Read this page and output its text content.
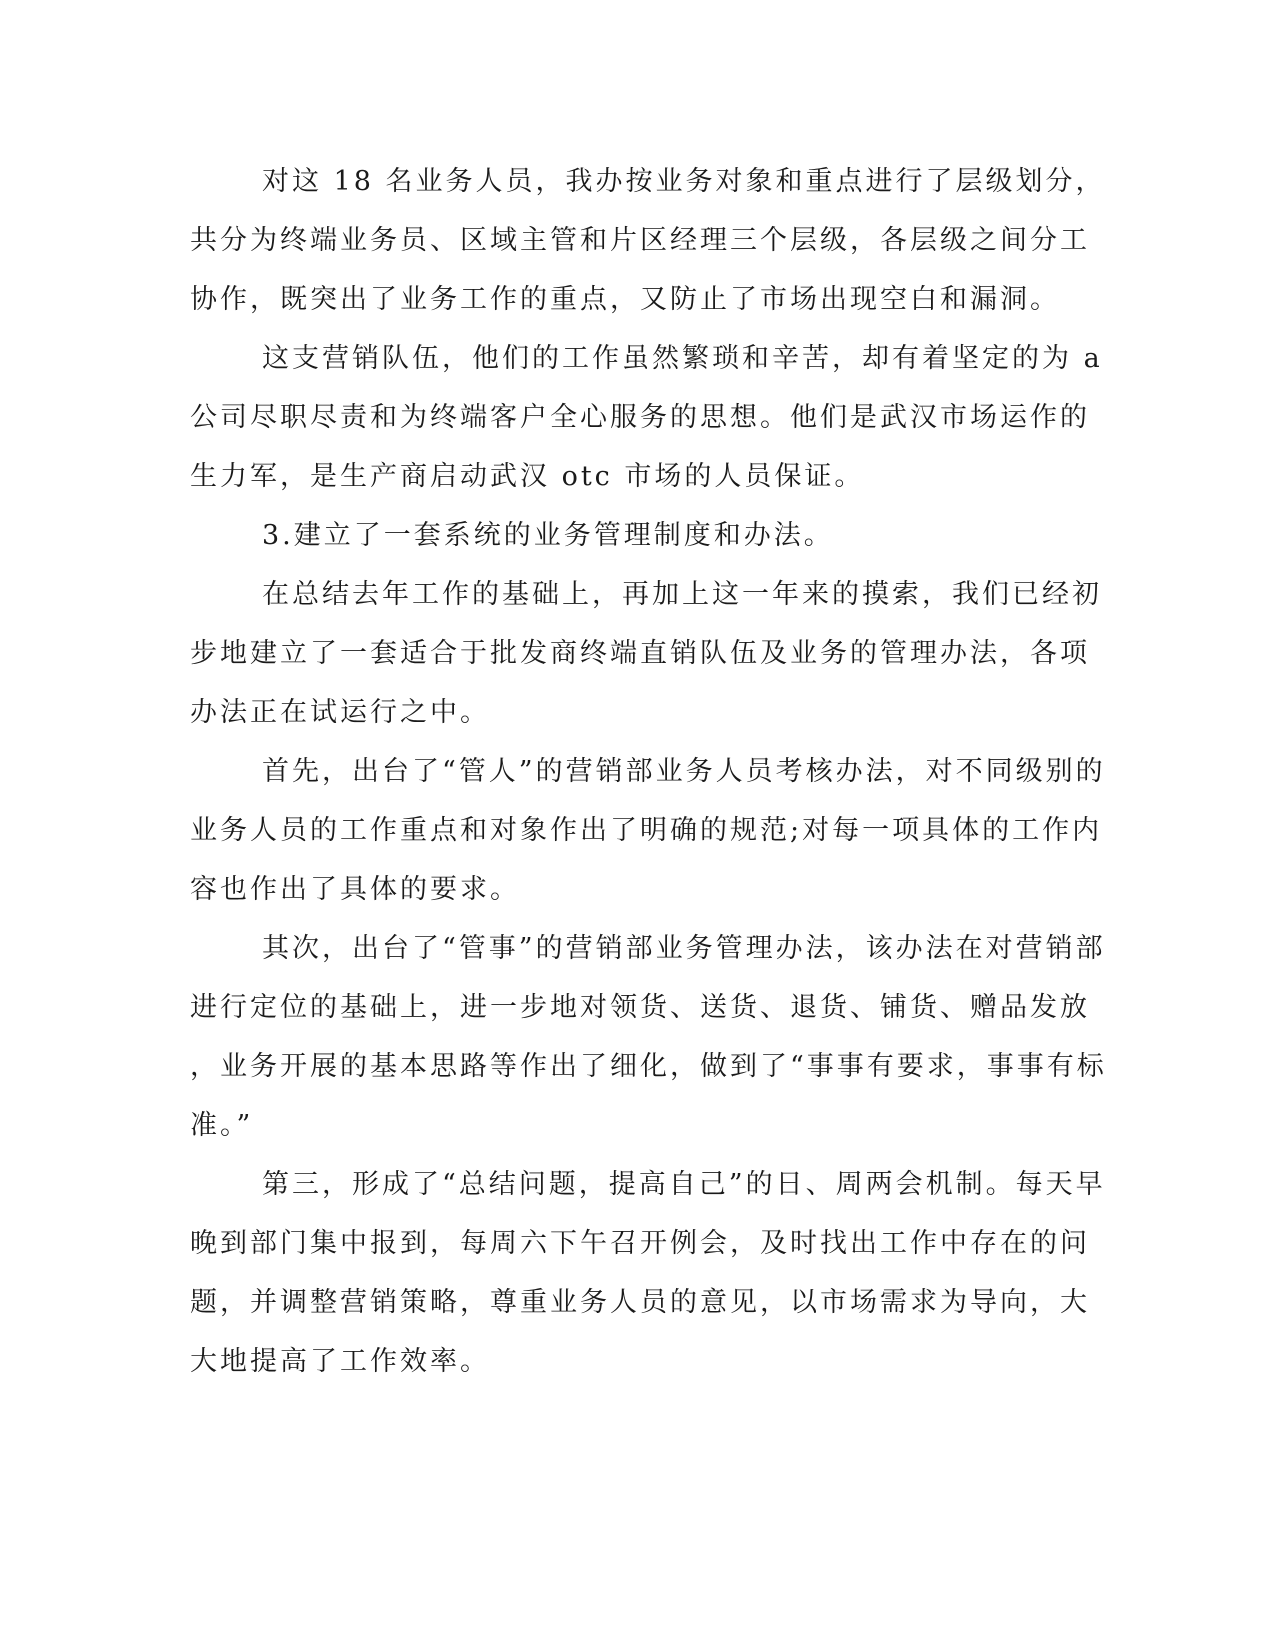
对这 18 名业务人员，我办按业务对象和重点进行了层级划分，
共分为终端业务员、区域主管和片区经理三个层级，各层级之间分工
协作，既突出了业务工作的重点，又防止了市场出现空白和漏洞。
这支营销队伍，他们的工作虽然繁琐和辛苦，却有着坚定的为 a
公司尽职尽责和为终端客户全心服务的思想。他们是武汉市场运作的
生力军，是生产商启动武汉 otc 市场的人员保证。
3.建立了一套系统的业务管理制度和办法。
在总结去年工作的基础上，再加上这一年来的摸索，我们已经初
步地建立了一套适合于批发商终端直销队伍及业务的管理办法，各项
办法正在试运行之中。
首先，出台了“管人”的营销部业务人员考核办法，对不同级别的
业务人员的工作重点和对象作出了明确的规范;对每一项具体的工作内
容也作出了具体的要求。
其次，出台了“管事”的营销部业务管理办法，该办法在对营销部
进行定位的基础上，进一步地对领货、送货、退货、铺货、赠品发放
，业务开展的基本思路等作出了细化，做到了“事事有要求，事事有标
准。”
第三，形成了“总结问题，提高自己”的日、周两会机制。每天早
晚到部门集中报到，每周六下午召开例会，及时找出工作中存在的问
题，并调整营销策略，尊重业务人员的意见，以市场需求为导向，大
大地提高了工作效率。
